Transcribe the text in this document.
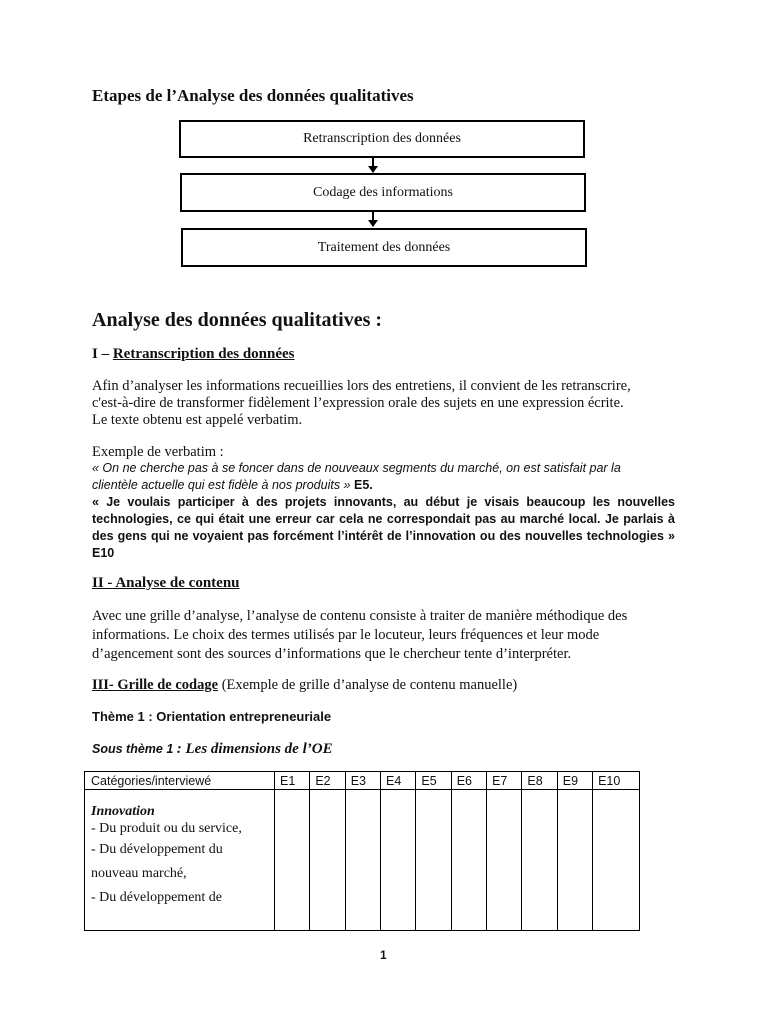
Etapes de l’Analyse des données qualitatives
Retranscription des données
Codage des informations
Traitement des données
Analyse des données qualitatives :
I – Retranscription des données
Afin d’analyser les informations recueillies lors des entretiens, il convient de les retranscrire,
c'est-à-dire de transformer fidèlement l’expression orale des sujets en une expression écrite.
Le texte obtenu est appelé verbatim.
Exemple de verbatim :
« On ne cherche pas à se foncer dans de nouveaux segments du marché, on est satisfait par la clientèle actuelle qui est fidèle à nos produits » E5.
« Je voulais participer à des projets innovants, au début je visais beaucoup les nouvelles technologies, ce qui était une erreur car cela ne correspondait pas au marché local. Je parlais à des gens qui ne voyaient pas forcément l’intérêt de l’innovation ou des nouvelles technologies » E10
II - Analyse de contenu
Avec une grille d’analyse, l’analyse de contenu consiste à traiter de manière méthodique des
informations. Le choix des termes utilisés par le locuteur, leurs fréquences et leur mode
d’agencement sont des sources d’informations que le chercheur tente d’interpréter.
III- Grille de codage (Exemple de grille d’analyse de contenu manuelle)
Thème 1 : Orientation entrepreneuriale
Sous thème 1 : Les dimensions de l’OE
Catégories/interviewé	E1	E2	E3	E4	E5	E6	E7	E8	E9	E10

Innovation
- Du produit ou du service,
- Du développement du
nouveau marché,
- Du développement de										

1
